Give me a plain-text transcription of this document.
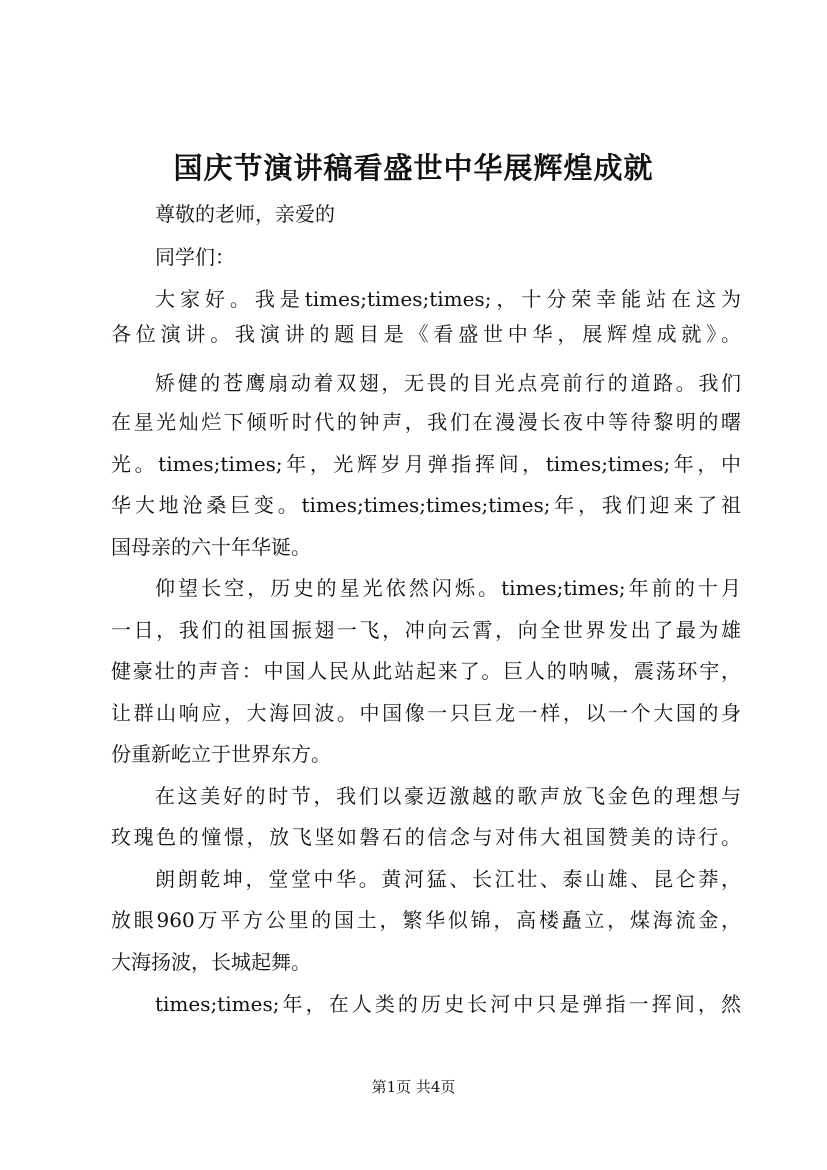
国庆节演讲稿看盛世中华展辉煌成就

尊敬的老师，亲爱的

同学们：

大家好。我是times;times;times;，十分荣幸能站在这为

各位演讲。我演讲的题目是《看盛世中华，展辉煌成就》。

矫健的苍鹰扇动着双翅，无畏的目光点亮前行的道路。我们

在星光灿烂下倾听时代的钟声，我们在漫漫长夜中等待黎明的曙

光。times;times;年，光辉岁月弹指挥间，times;times;年，中

华大地沧桑巨变。times;times;times;times;年，我们迎来了祖

国母亲的六十年华诞。

仰望长空，历史的星光依然闪烁。times;times;年前的十月

一日，我们的祖国振翅一飞，冲向云霄，向全世界发出了最为雄

健豪壮的声音：中国人民从此站起来了。巨人的呐喊，震荡环宇，

让群山响应，大海回波。中国像一只巨龙一样，以一个大国的身

份重新屹立于世界东方。

在这美好的时节，我们以豪迈激越的歌声放飞金色的理想与

玫瑰色的憧憬，放飞坚如磐石的信念与对伟大祖国赞美的诗行。

朗朗乾坤，堂堂中华。黄河猛、长江壮、泰山雄、昆仑莽，

放眼960万平方公里的国土，繁华似锦，高楼矗立，煤海流金，

大海扬波，长城起舞。

times;times;年，在人类的历史长河中只是弹指一挥间，然

第1页 共4页
